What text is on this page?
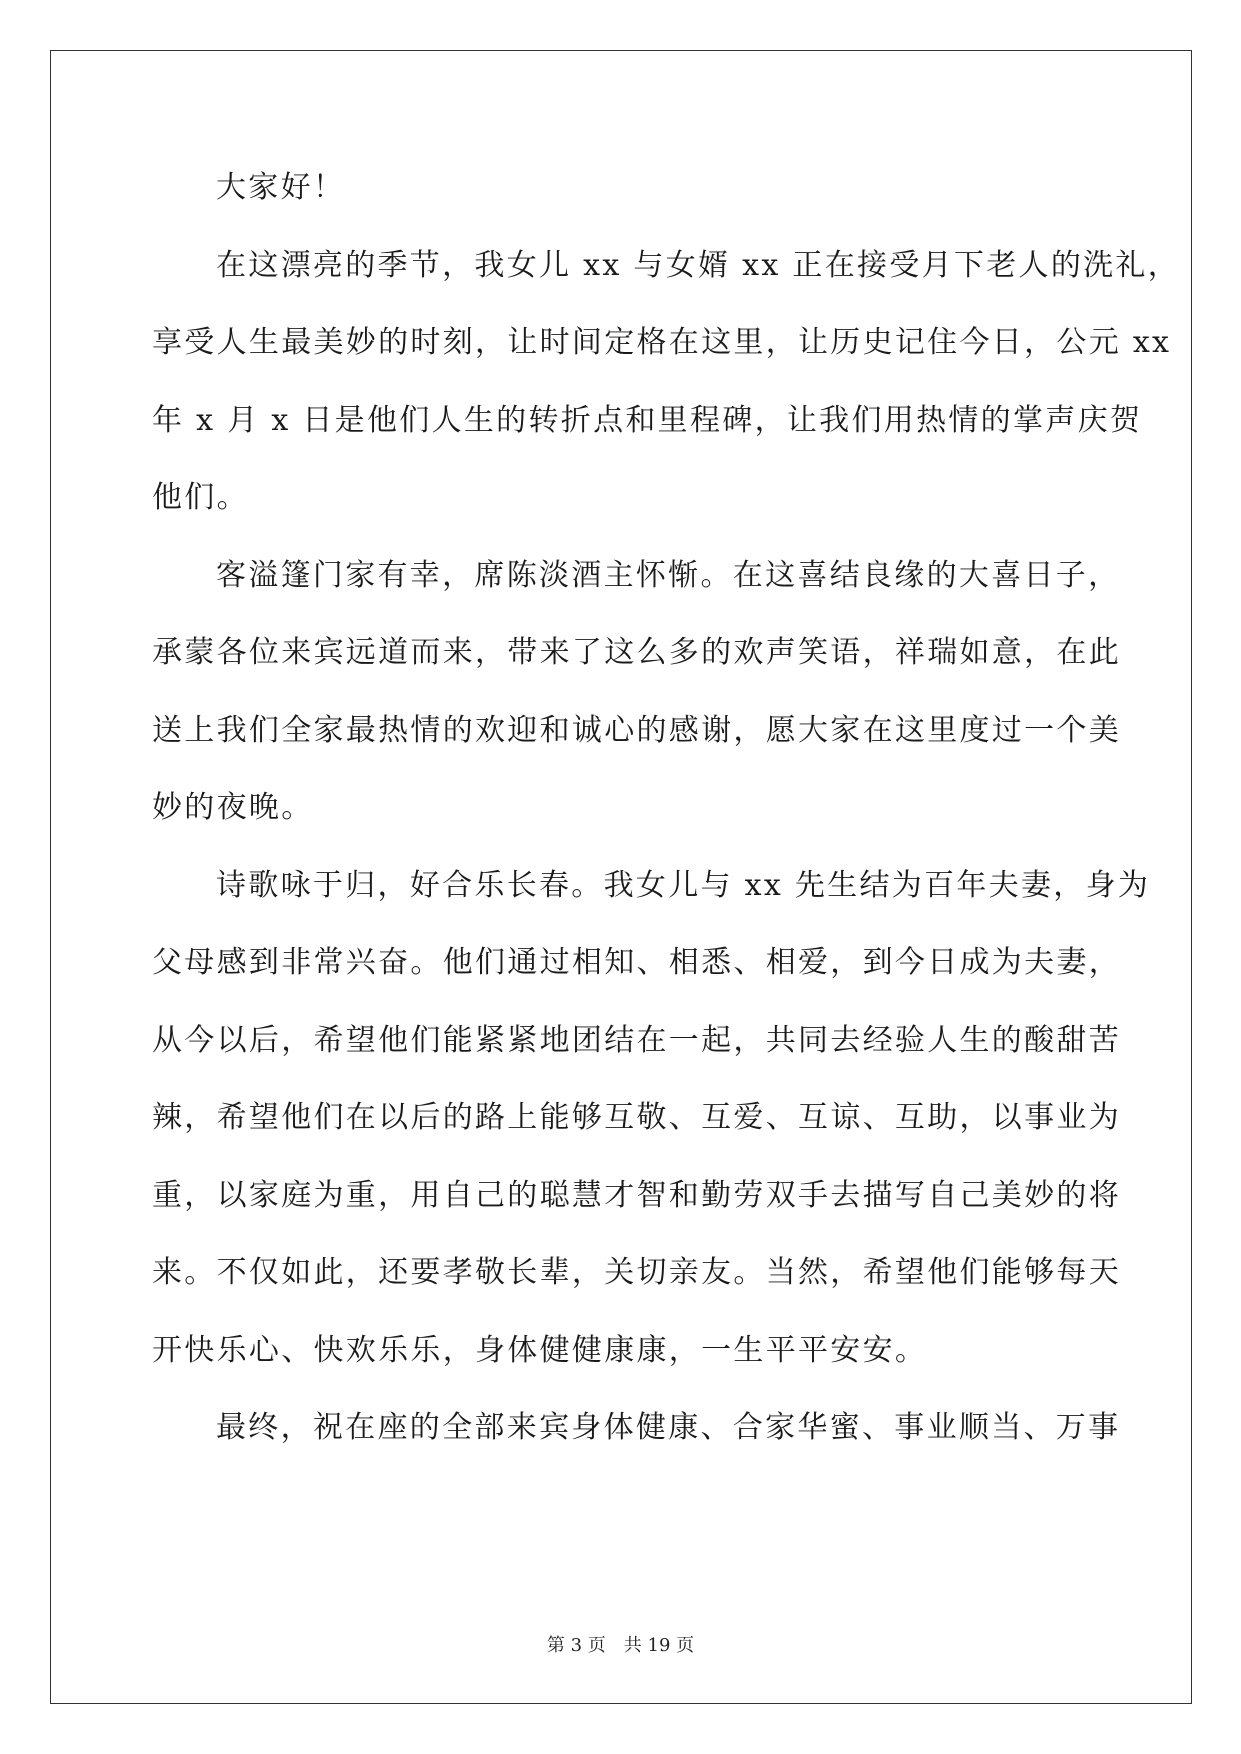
大家好！
在这漂亮的季节，我女儿 xx 与女婿 xx 正在接受月下老人的洗礼，
享受人生最美妙的时刻，让时间定格在这里，让历史记住今日，公元 xx
年 x 月 x 日是他们人生的转折点和里程碑，让我们用热情的掌声庆贺
他们。
客溢篷门家有幸，席陈淡酒主怀惭。在这喜结良缘的大喜日子，
承蒙各位来宾远道而来，带来了这么多的欢声笑语，祥瑞如意，在此
送上我们全家最热情的欢迎和诚心的感谢，愿大家在这里度过一个美
妙的夜晚。
诗歌咏于归，好合乐长春。我女儿与 xx 先生结为百年夫妻，身为
父母感到非常兴奋。他们通过相知、相悉、相爱，到今日成为夫妻，
从今以后，希望他们能紧紧地团结在一起，共同去经验人生的酸甜苦
辣，希望他们在以后的路上能够互敬、互爱、互谅、互助，以事业为
重，以家庭为重，用自己的聪慧才智和勤劳双手去描写自己美妙的将
来。不仅如此，还要孝敬长辈，关切亲友。当然，希望他们能够每天
开快乐心、快欢乐乐，身体健健康康，一生平平安安。
最终，祝在座的全部来宾身体健康、合家华蜜、事业顺当、万事
第 3 页 共 19 页
